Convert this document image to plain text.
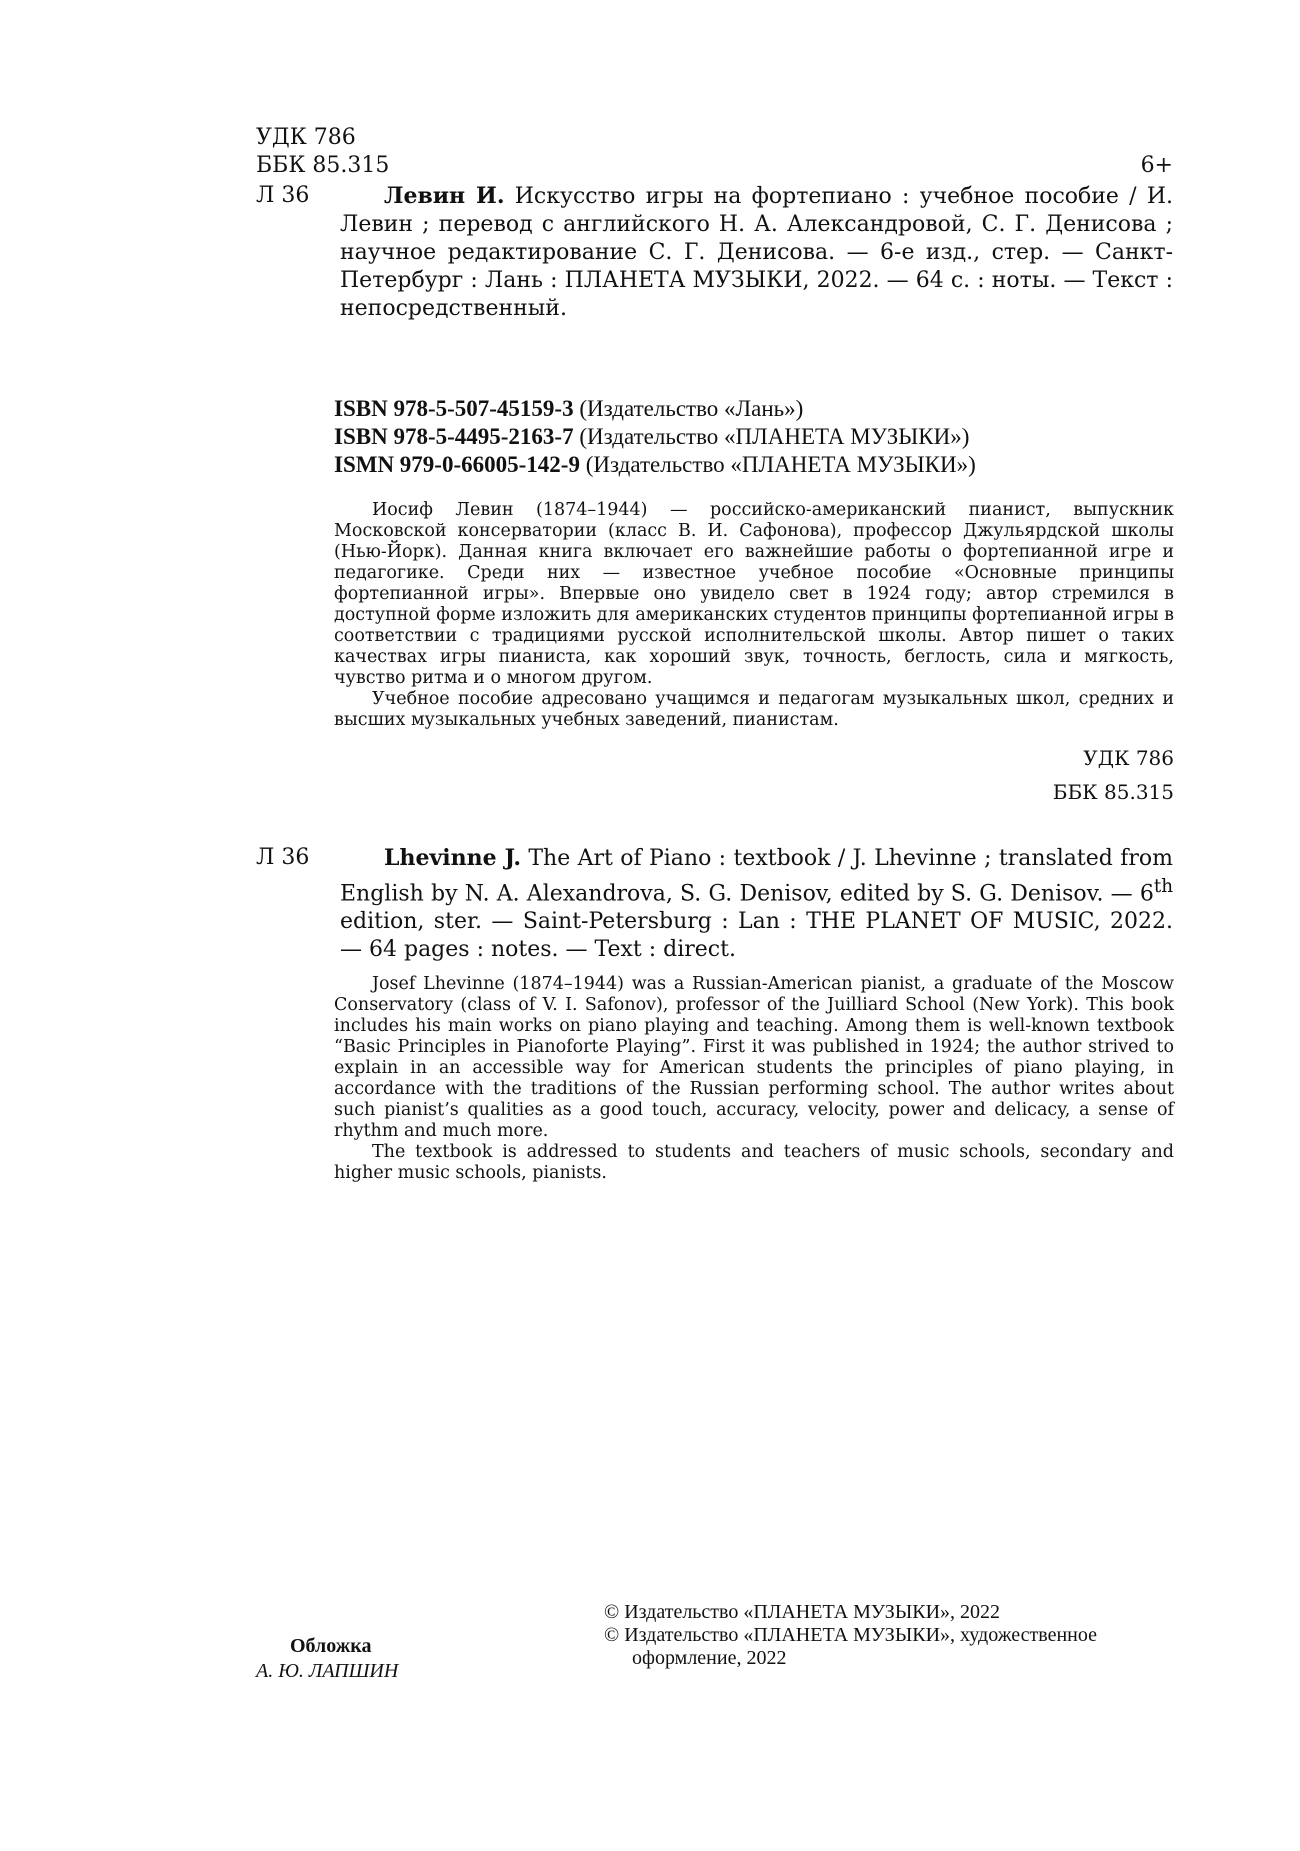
УДК 786
ББК 85.315	6+
Л 36	Левин И. Искусство игры на фортепиано : учебное пособие / И. Левин ; перевод с английского Н. А. Александровой, С. Г. Денисова ; научное редактирование С. Г. Денисова. — 6-е изд., стер. — Санкт-Петербург : Лань : ПЛАНЕТА МУЗЫКИ, 2022. — 64 с. : ноты. — Текст : непосредственный.
ISBN 978-5-507-45159-3 (Издательство «Лань»)
ISBN 978-5-4495-2163-7 (Издательство «ПЛАНЕТА МУЗЫКИ»)
ISMN 979-0-66005-142-9 (Издательство «ПЛАНЕТА МУЗЫКИ»)

Иосиф Левин (1874–1944) — российско-американский пианист, выпускник Московской консерватории (класс В. И. Сафонова), профессор Джульярдской школы (Нью-Йорк). Данная книга включает его важнейшие работы о фортепианной игре и педагогике. Среди них — известное учебное пособие «Основные принципы фортепианной игры». Впервые оно увидело свет в 1924 году; автор стремился в доступной форме изложить для американских студентов принципы фортепианной игры в соответствии с традициями русской исполнительской школы. Автор пишет о таких качествах игры пианиста, как хороший звук, точность, беглость, сила и мягкость, чувство ритма и о многом другом.

Учебное пособие адресовано учащимся и педагогам музыкальных школ, средних и высших музыкальных учебных заведений, пианистам.

УДК 786
ББК 85.315
Л 36	Lhevinne J. The Art of Piano : textbook / J. Lhevinne ; translated from English by N. A. Alexandrova, S. G. Denisov, edited by S. G. Denisov. — 6th edition, ster. — Saint-Petersburg : Lan : THE PLANET OF MUSIC, 2022. — 64 pages : notes. — Text : direct.

Josef Lhevinne (1874–1944) was a Russian-American pianist, a graduate of the Moscow Conservatory (class of V. I. Safonov), professor of the Juilliard School (New York). This book includes his main works on piano playing and teaching. Among them is well-known textbook “Basic Principles in Pianoforte Playing”. First it was published in 1924; the author strived to explain in an accessible way for American students the principles of piano playing, in accordance with the traditions of the Russian performing school. The author writes about such pianist’s qualities as a good touch, accuracy, velocity, power and delicacy, a sense of rhythm and much more.

The textbook is addressed to students and teachers of music schools, secondary and higher music schools, pianists.

Обложка
А. Ю. ЛАПШИН
© Издательство «ПЛАНЕТА МУЗЫКИ», 2022
© Издательство «ПЛАНЕТА МУЗЫКИ», художественное оформление, 2022
